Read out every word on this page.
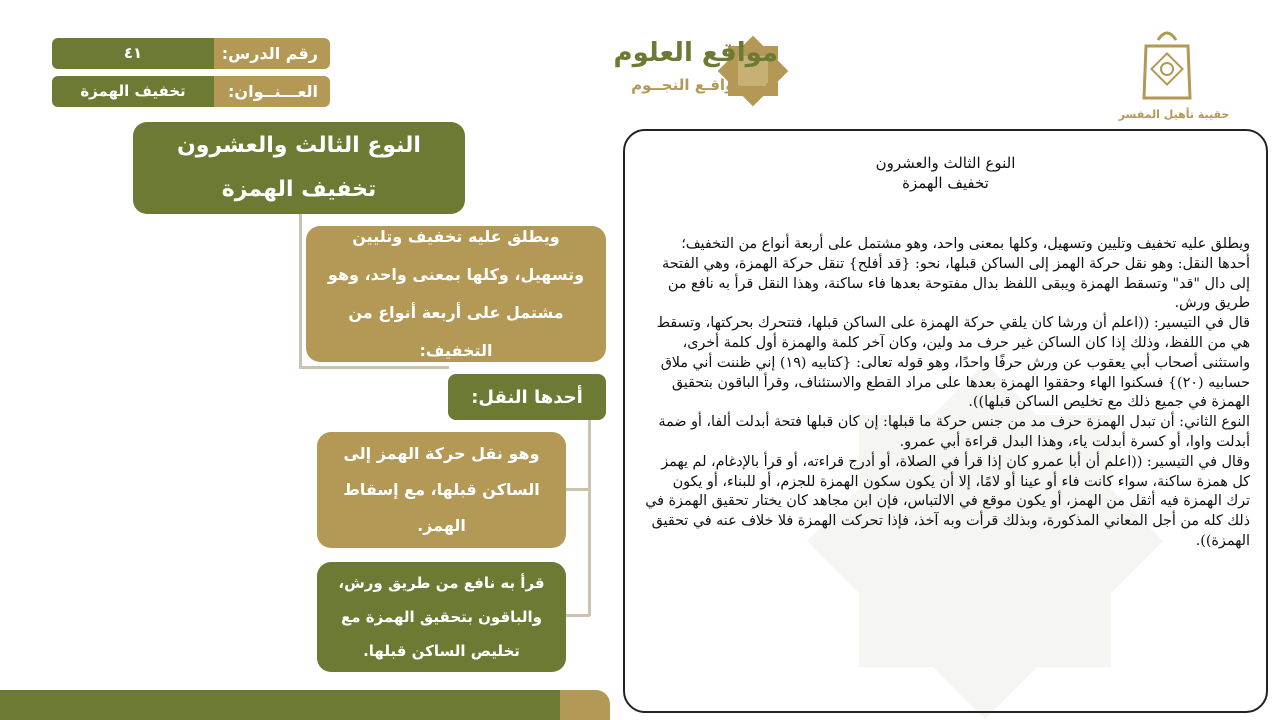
رقم الدرس:
٤١
العـــنــوان:
تخفيف الهمزة
مواقع العلوم
في مواقـع النجــوم
حقيبة تأهيل المفسر
النوع الثالث والعشرون
تخفيف الهمزة
ويطلق عليه تخفيف وتليين وتسهيل، وكلها بمعنى واحد، وهو مشتمل على أربعة أنواع من التخفيف:
أحدها النقل:
وهو نقل حركة الهمز إلى الساكن قبلها، مع إسقاط الهمز.
قرأ به نافع من طريق ورش، والباقون بتحقيق الهمزة مع تخليص الساكن قبلها.
النوع الثالث والعشرون
تخفيف الهمزة

ويطلق عليه تخفيف وتليين وتسهيل، وكلها بمعنى واحد، وهو مشتمل على أربعة أنواع من التخفيف؛

أحدها النقل: وهو نقل حركة الهمز إلى الساكن قبلها، نحو: {قد أفلح} تنقل حركة الهمزة، وهي الفتحة إلى دال "قد" وتسقط الهمزة ويبقى اللفظ بدال مفتوحة بعدها فاء ساكنة، وهذا النقل قرأ به نافع من طريق ورش.

قال في التيسير: ((اعلم أن ورشا كان يلقي حركة الهمزة على الساكن قبلها، فتتحرك بحركتها، وتسقط هي من اللفظ، وذلك إذا كان الساكن غير حرف مد ولين، وكان آخر كلمة والهمزة أول كلمة أخرى، واستثنى أصحاب أبي يعقوب عن ورش حرفًا واحدًا، وهو قوله تعالى: {كتابيه (١٩) إني ظننت أني ملاق حسابيه (٢٠)} فسكنوا الهاء وحققوا الهمزة بعدها على مراد القطع والاستئناف، وقرأ الباقون بتحقيق الهمزة في جميع ذلك مع تخليص الساكن قبلها)).

النوع الثاني: أن تبدل الهمزة حرف مد من جنس حركة ما قبلها: إن كان قبلها فتحة أبدلت ألفا، أو ضمة أبدلت واوا، أو كسرة أبدلت ياء، وهذا البدل قراءة أبي عمرو.

وقال في التيسير: ((اعلم أن أبا عمرو كان إذا قرأ في الصلاة، أو أدرج قراءته، أو قرأ بالإدغام، لم يهمز كل همزة ساكنة، سواء كانت فاء أو عينا أو لامًا، إلا أن يكون سكون الهمزة للجزم، أو للبناء، أو يكون ترك الهمزة فيه أثقل من الهمز، أو يكون موقع في الالتباس، فإن ابن مجاهد كان يختار تحقيق الهمزة في ذلك كله من أجل المعاني المذكورة، وبذلك قرأت وبه آخذ، فإذا تحركت الهمزة فلا خلاف عنه في تحقيق الهمزة)).
